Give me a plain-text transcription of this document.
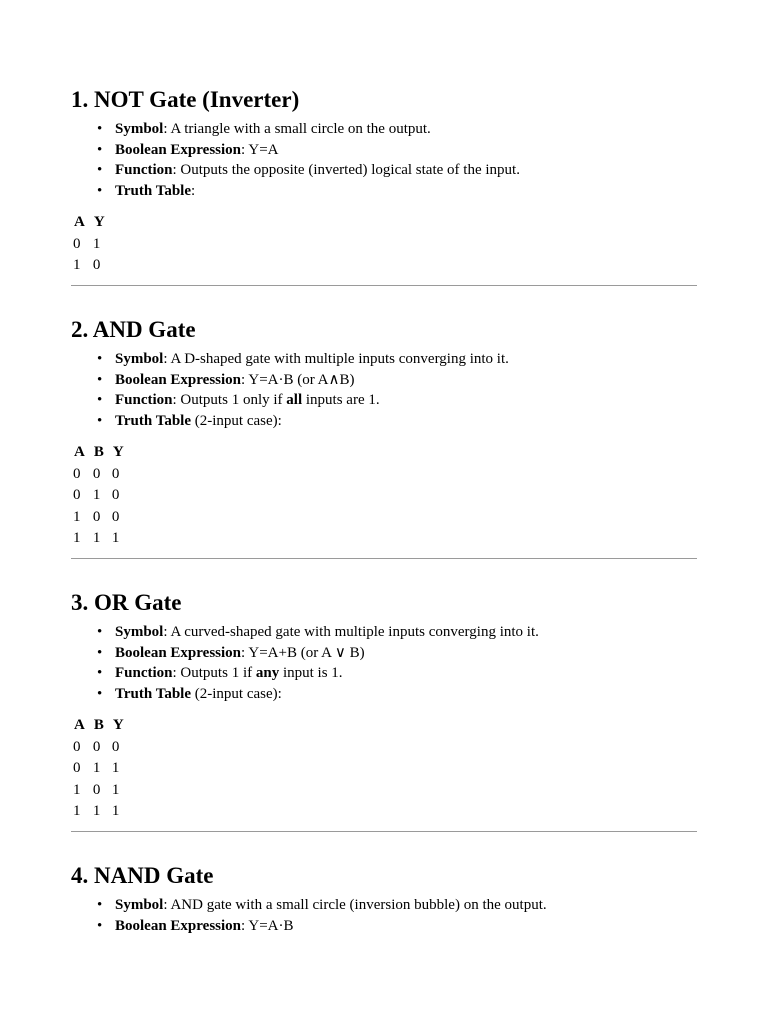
1. NOT Gate (Inverter)
• Symbol: A triangle with a small circle on the output.
• Boolean Expression: Y=A
• Function: Outputs the opposite (inverted) logical state of the input.
• Truth Table:
A	Y
0	1
1	0
2. AND Gate
• Symbol: A D-shaped gate with multiple inputs converging into it.
• Boolean Expression: Y=A·B (or A∧B)
• Function: Outputs 1 only if all inputs are 1.
• Truth Table (2-input case):
A	B	Y
0	0	0
0	1	0
1	0	0
1	1	1
3. OR Gate
• Symbol: A curved-shaped gate with multiple inputs converging into it.
• Boolean Expression: Y=A+B (or A ∨ B)
• Function: Outputs 1 if any input is 1.
• Truth Table (2-input case):
A	B	Y
0	0	0
0	1	1
1	0	1
1	1	1
4. NAND Gate
• Symbol: AND gate with a small circle (inversion bubble) on the output.
• Boolean Expression: Y=A·B
